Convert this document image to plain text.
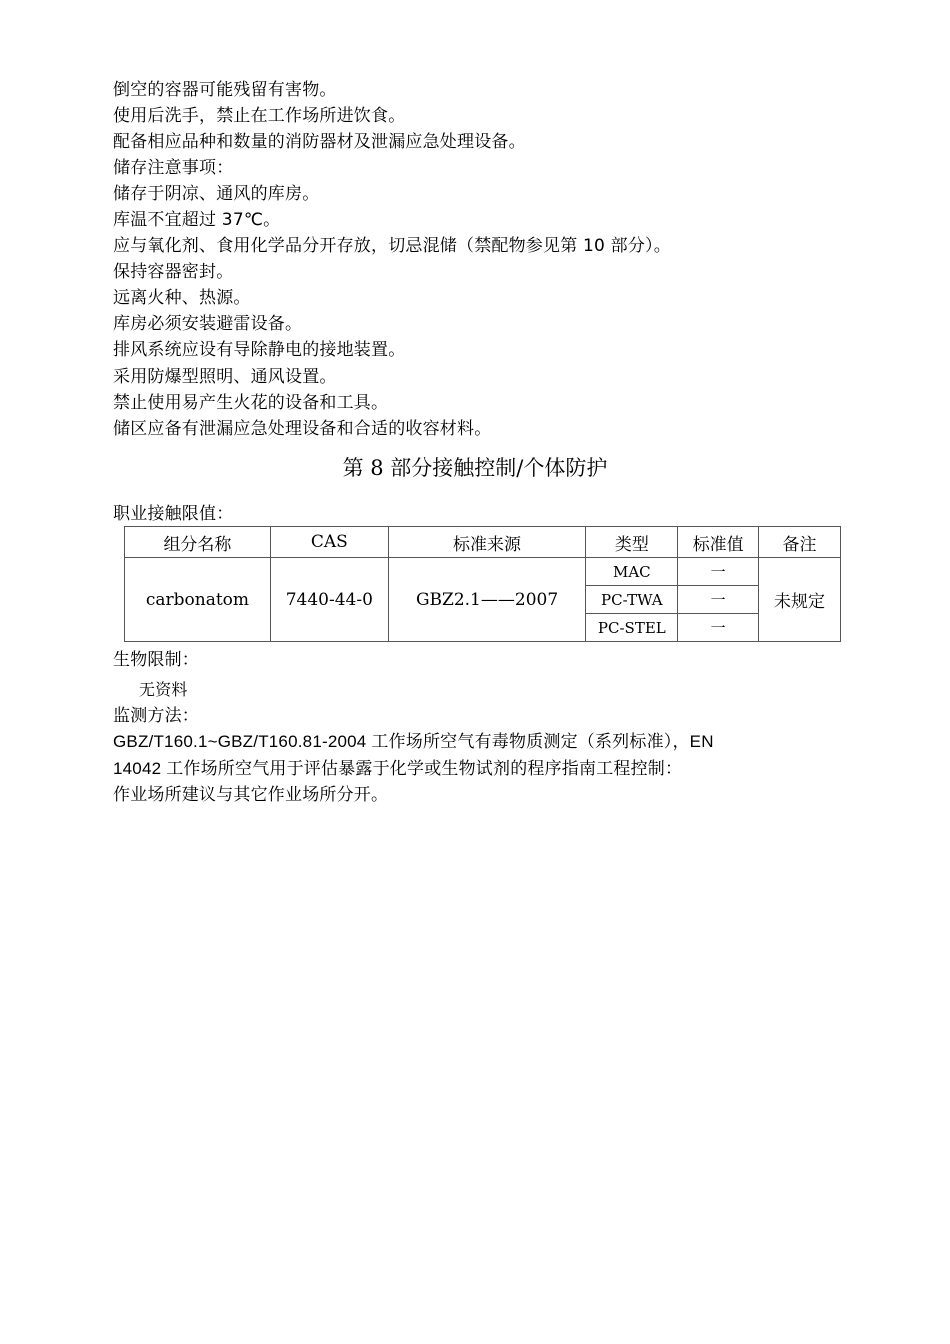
倒空的容器可能残留有害物。
使用后洗手，禁止在工作场所进饮食。
配备相应品种和数量的消防器材及泄漏应急处理设备。
储存注意事项：
储存于阴凉、通风的库房。
库温不宜超过 37℃。
应与氧化剂、食用化学品分开存放，切忌混储（禁配物参见第 10 部分）。
保持容器密封。
远离火种、热源。
库房必须安装避雷设备。
排风系统应设有导除静电的接地装置。
采用防爆型照明、通风设置。
禁止使用易产生火花的设备和工具。
储区应备有泄漏应急处理设备和合适的收容材料。
第 8 部分接触控制/个体防护
职业接触限值：
组分名称	CAS	标准来源	类型	标准值	备注
carbonatom	7440-44-0	GBZ2.1——2007	MAC	一	未规定
			PC-TWA	一	
			PC-STEL	一	
生物限制：
无资料
监测方法：
GBZ/T160.1~GBZ/T160.81-2004 工作场所空气有毒物质测定（系列标准），EN
14042 工作场所空气用于评估暴露于化学或生物试剂的程序指南工程控制：
作业场所建议与其它作业场所分开。
